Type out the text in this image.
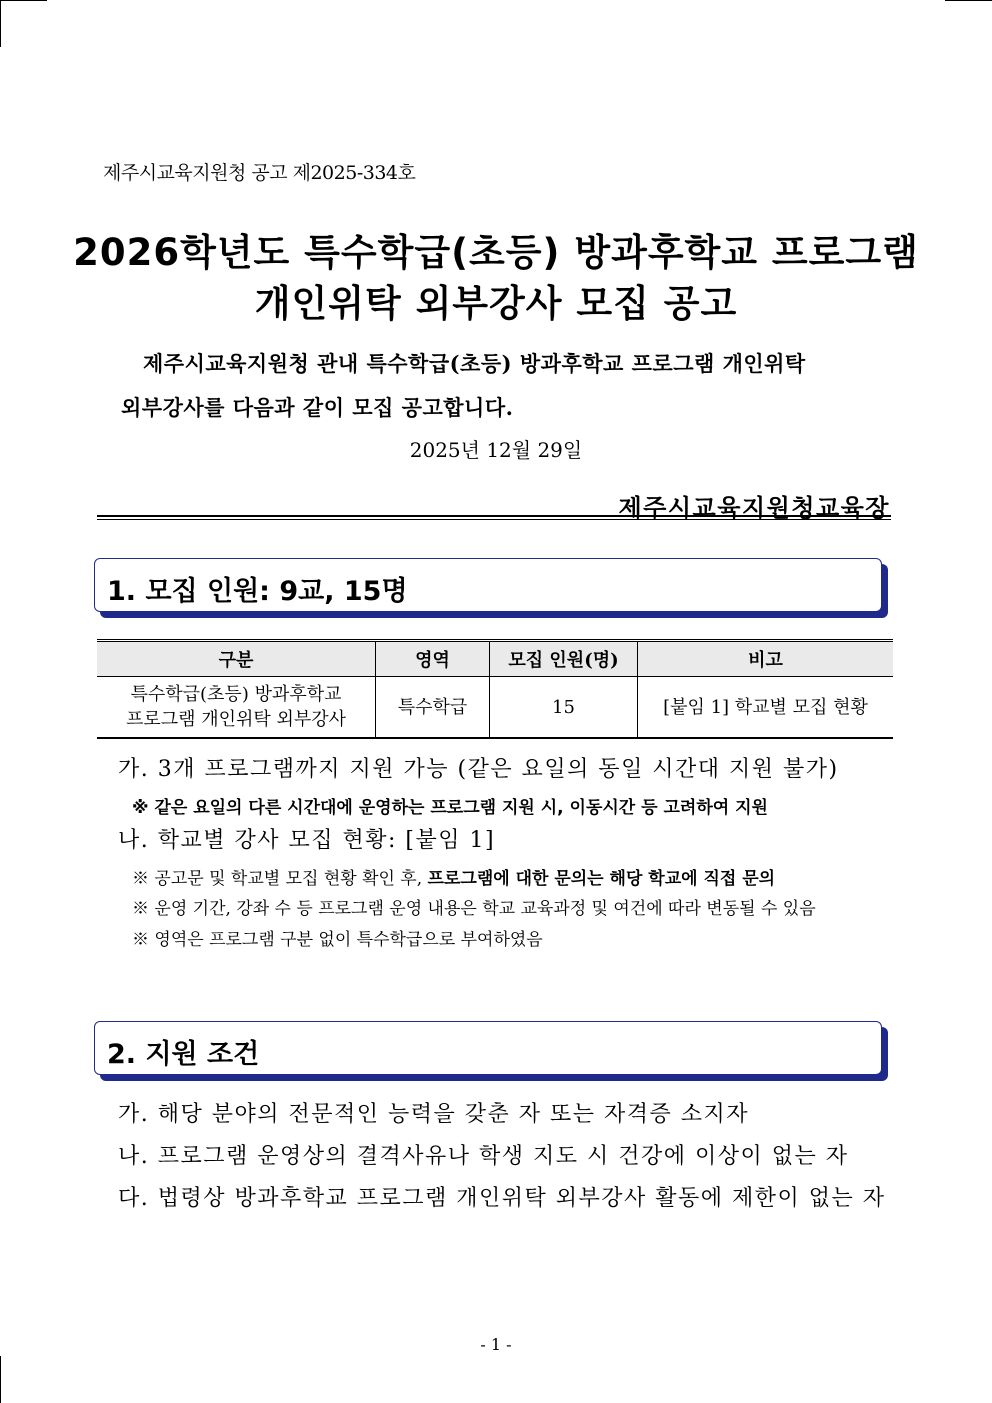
제주시교육지원청 공고 제2025-334호
2026학년도 특수학급(초등) 방과후학교 프로그램
개인위탁 외부강사 모집 공고
제주시교육지원청 관내 특수학급(초등) 방과후학교 프로그램 개인위탁
외부강사를 다음과 같이 모집 공고합니다.
2025년 12월 29일
제주시교육지원청교육장
1. 모집 인원: 9교, 15명
구분	영역	모집 인원(명)	비고
특수학급(초등) 방과후학교
프로그램 개인위탁 외부강사	특수학급	15	[붙임 1] 학교별 모집 현황
가. 3개 프로그램까지 지원 가능 (같은 요일의 동일 시간대 지원 불가)
※ 같은 요일의 다른 시간대에 운영하는 프로그램 지원 시, 이동시간 등 고려하여 지원
나. 학교별 강사 모집 현황: [붙임 1]
※ 공고문 및 학교별 모집 현황 확인 후, 프로그램에 대한 문의는 해당 학교에 직접 문의
※ 운영 기간, 강좌 수 등 프로그램 운영 내용은 학교 교육과정 및 여건에 따라 변동될 수 있음
※ 영역은 프로그램 구분 없이 특수학급으로 부여하였음
2. 지원 조건
가. 해당 분야의 전문적인 능력을 갖춘 자 또는 자격증 소지자
나. 프로그램 운영상의 결격사유나 학생 지도 시 건강에 이상이 없는 자
다. 법령상 방과후학교 프로그램 개인위탁 외부강사 활동에 제한이 없는 자
- 1 -
